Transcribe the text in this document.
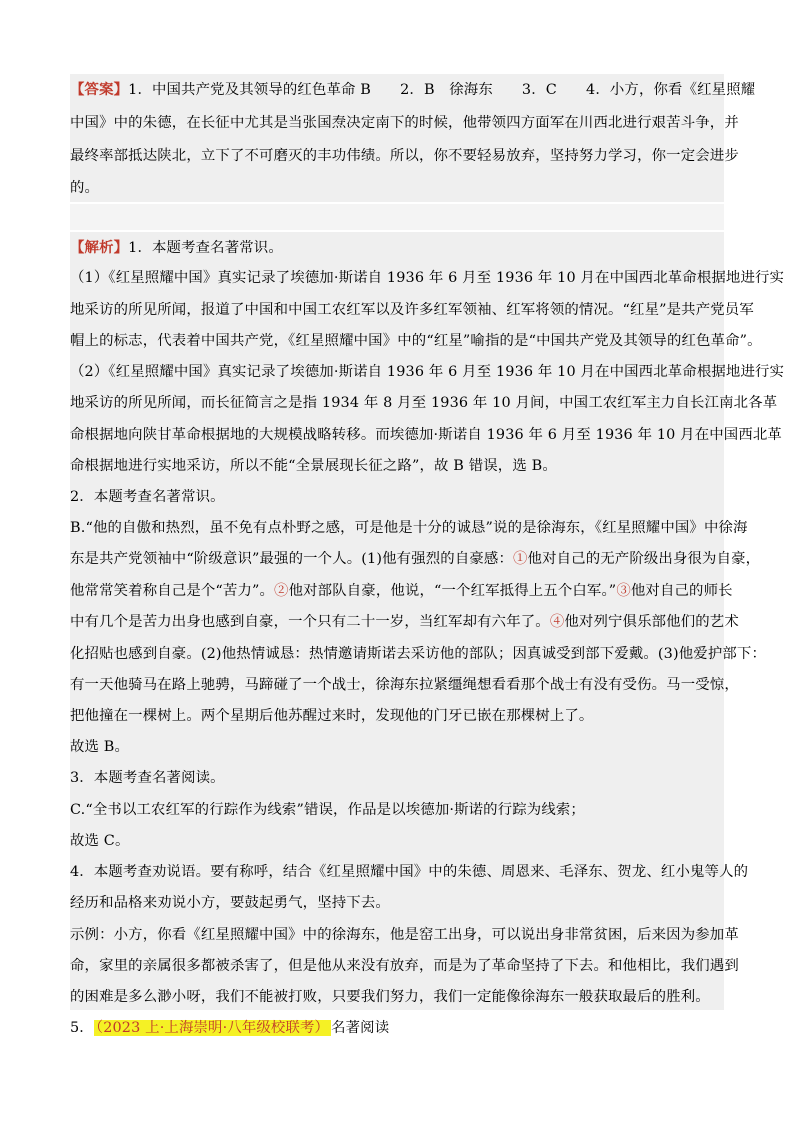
【答案】1．中国共产党及其领导的红色革命 B　　2．B　徐海东　　3．C　　4．小方，你看《红星照耀
中国》中的朱德，在长征中尤其是当张国焘决定南下的时候，他带领四方面军在川西北进行艰苦斗争，并
最终率部抵达陕北，立下了不可磨灭的丰功伟绩。所以，你不要轻易放弃，坚持努力学习，你一定会进步
的。
【解析】1．本题考查名著常识。
（1）《红星照耀中国》真实记录了埃德加·斯诺自 1936 年 6 月至 1936 年 10 月在中国西北革命根据地进行实
地采访的所见所闻，报道了中国和中国工农红军以及许多红军领袖、红军将领的情况。“红星”是共产党员军
帽上的标志，代表着中国共产党，《红星照耀中国》中的“红星”喻指的是“中国共产党及其领导的红色革命”。
（2）《红星照耀中国》真实记录了埃德加·斯诺自 1936 年 6 月至 1936 年 10 月在中国西北革命根据地进行实
地采访的所见所闻，而长征简言之是指 1934 年 8 月至 1936 年 10 月间，中国工农红军主力自长江南北各革
命根据地向陕甘革命根据地的大规模战略转移。而埃德加·斯诺自 1936 年 6 月至 1936 年 10 月在中国西北革
命根据地进行实地采访，所以不能“全景展现长征之路”，故 B 错误，选 B。
2．本题考查名著常识。
B.“他的自傲和热烈，虽不免有点朴野之感，可是他是十分的诚恳”说的是徐海东，《红星照耀中国》中徐海
东是共产党领袖中“阶级意识”最强的一个人。(1)他有强烈的自豪感：①他对自己的无产阶级出身很为自豪，
他常常笑着称自己是个“苦力”。②他对部队自豪，他说，“一个红军抵得上五个白军。”③他对自己的师长
中有几个是苦力出身也感到自豪，一个只有二十一岁，当红军却有六年了。④他对列宁俱乐部他们的艺术
化招贴也感到自豪。(2)他热情诚恳：热情邀请斯诺去采访他的部队；因真诚受到部下爱戴。(3)他爱护部下：
有一天他骑马在路上驰骋，马蹄碰了一个战士，徐海东拉紧缰绳想看看那个战士有没有受伤。马一受惊，
把他撞在一棵树上。两个星期后他苏醒过来时，发现他的门牙已嵌在那棵树上了。
故选 B。
3．本题考查名著阅读。
C.“全书以工农红军的行踪作为线索”错误，作品是以埃德加·斯诺的行踪为线索；
故选 C。
4．本题考查劝说语。要有称呼，结合《红星照耀中国》中的朱德、周恩来、毛泽东、贺龙、红小鬼等人的
经历和品格来劝说小方，要鼓起勇气，坚持下去。
示例：小方，你看《红星照耀中国》中的徐海东，他是窑工出身，可以说出身非常贫困，后来因为参加革
命，家里的亲属很多都被杀害了，但是他从来没有放弃，而是为了革命坚持了下去。和他相比，我们遇到
的困难是多么渺小呀，我们不能被打败，只要我们努力，我们一定能像徐海东一般获取最后的胜利。
5． （2023 上·上海崇明·八年级校联考） 名著阅读
